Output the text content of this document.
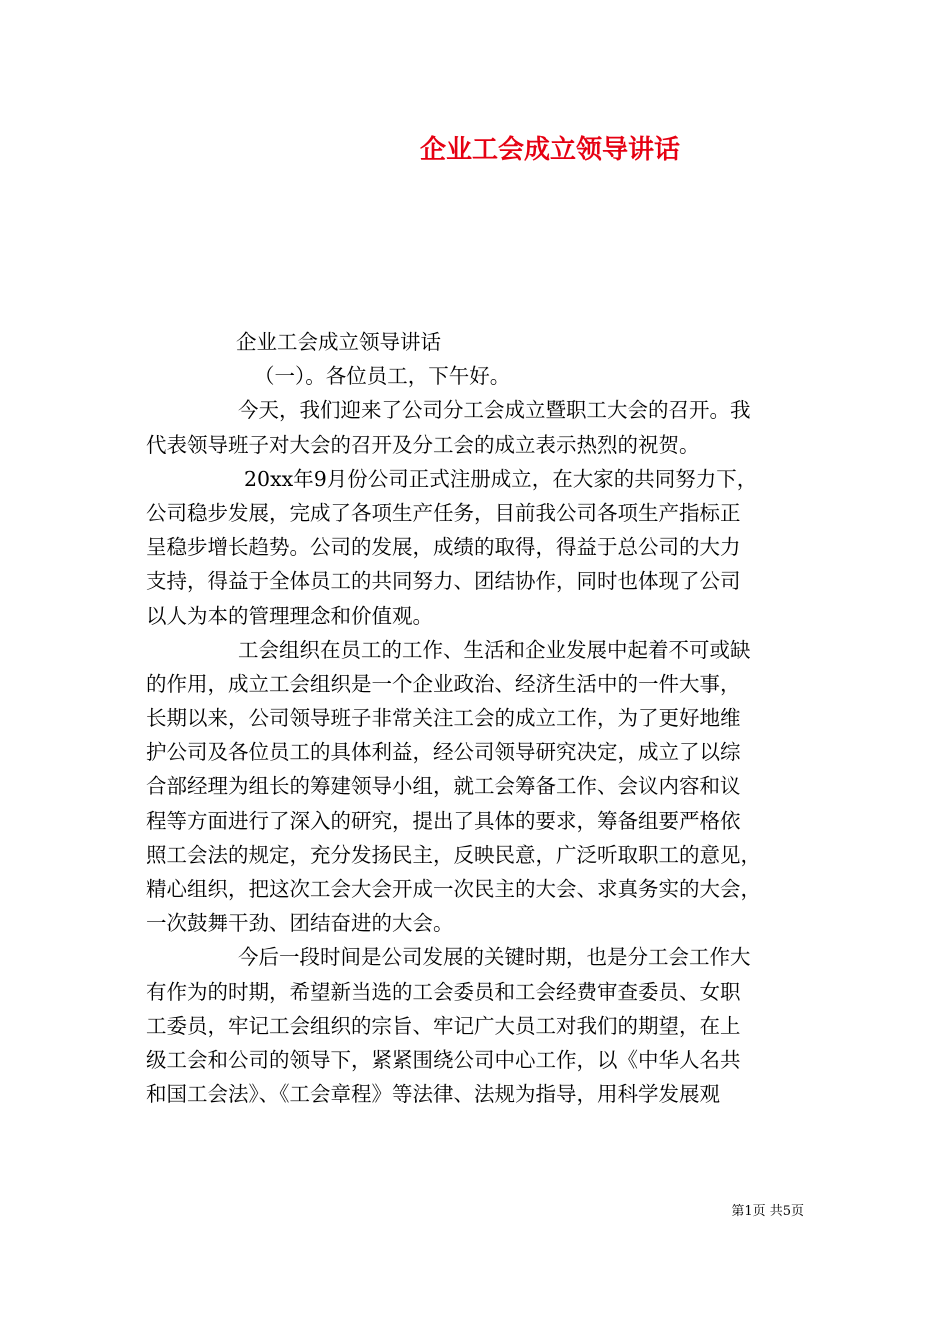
企业工会成立领导讲话
企业工会成立领导讲话
（一）。各位员工，下午好。
今天，我们迎来了公司分工会成立暨职工大会的召开。我
代表领导班子对大会的召开及分工会的成立表示热烈的祝贺。
20xx年9月份公司正式注册成立，在大家的共同努力下，
公司稳步发展，完成了各项生产任务，目前我公司各项生产指标正
呈稳步增长趋势。公司的发展，成绩的取得，得益于总公司的大力
支持，得益于全体员工的共同努力、团结协作，同时也体现了公司
以人为本的管理理念和价值观。
工会组织在员工的工作、生活和企业发展中起着不可或缺
的作用，成立工会组织是一个企业政治、经济生活中的一件大事，
长期以来，公司领导班子非常关注工会的成立工作，为了更好地维
护公司及各位员工的具体利益，经公司领导研究决定，成立了以综
合部经理为组长的筹建领导小组，就工会筹备工作、会议内容和议
程等方面进行了深入的研究，提出了具体的要求，筹备组要严格依
照工会法的规定，充分发扬民主，反映民意，广泛听取职工的意见，
精心组织，把这次工会大会开成一次民主的大会、求真务实的大会，
一次鼓舞干劲、团结奋进的大会。
今后一段时间是公司发展的关键时期，也是分工会工作大
有作为的时期，希望新当选的工会委员和工会经费审查委员、女职
工委员，牢记工会组织的宗旨、牢记广大员工对我们的期望，在上
级工会和公司的领导下，紧紧围绕公司中心工作，以《中华人名共
和国工会法》、《工会章程》等法律、法规为指导，用科学发展观
第1页 共5页
